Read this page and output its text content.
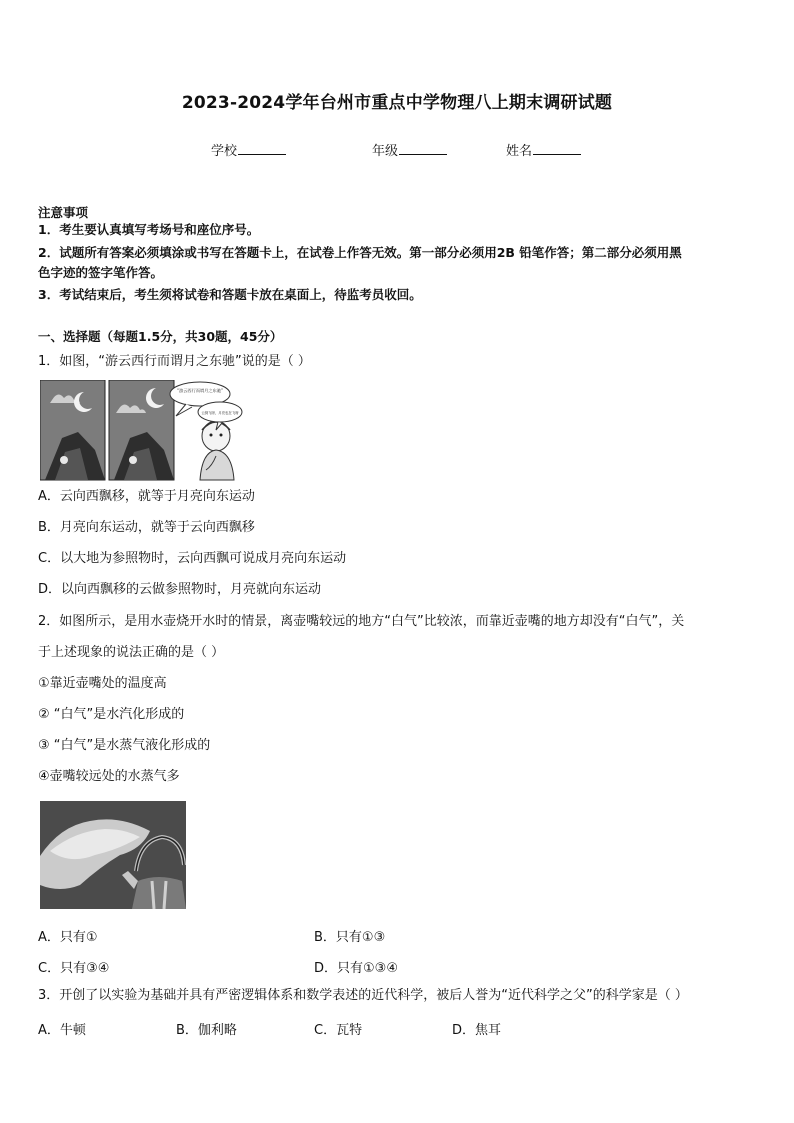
2023-2024学年台州市重点中学物理八上期末调研试题
学校	年级	姓名
注意事项
1．考生要认真填写考场号和座位序号。
2．试题所有答案必须填涂或书写在答题卡上，在试卷上作答无效。第一部分必须用2B 铅笔作答；第二部分必须用黑
色字迹的签字笔作答。
3．考试结束后，考生须将试卷和答题卡放在桌面上，待监考员收回。
一、选择题（每题1.5分，共30题，45分）
1．如图，“游云西行而谓月之东驰”说的是（ ）
“游云西行而谓月之东驰”
云倒飞呀，月亮也在飞呀
A．云向西飘移，就等于月亮向东运动
B．月亮向东运动，就等于云向西飘移
C．以大地为参照物时，云向西飘可说成月亮向东运动
D．以向西飘移的云做参照物时，月亮就向东运动
2．如图所示，是用水壶烧开水时的情景，离壶嘴较远的地方“白气”比较浓，而靠近壶嘴的地方却没有“白气”，关
于上述现象的说法正确的是（ ）
①靠近壶嘴处的温度高
② “白气”是水汽化形成的
③ “白气”是水蒸气液化形成的
④壶嘴较远处的水蒸气多
A．只有①	B．只有①③
C．只有③④	D．只有①③④
3．开创了以实验为基础并具有严密逻辑体系和数学表述的近代科学，被后人誉为“近代科学之父”的科学家是（ ）
A．牛顿	B．伽利略	C．瓦特	D．焦耳
